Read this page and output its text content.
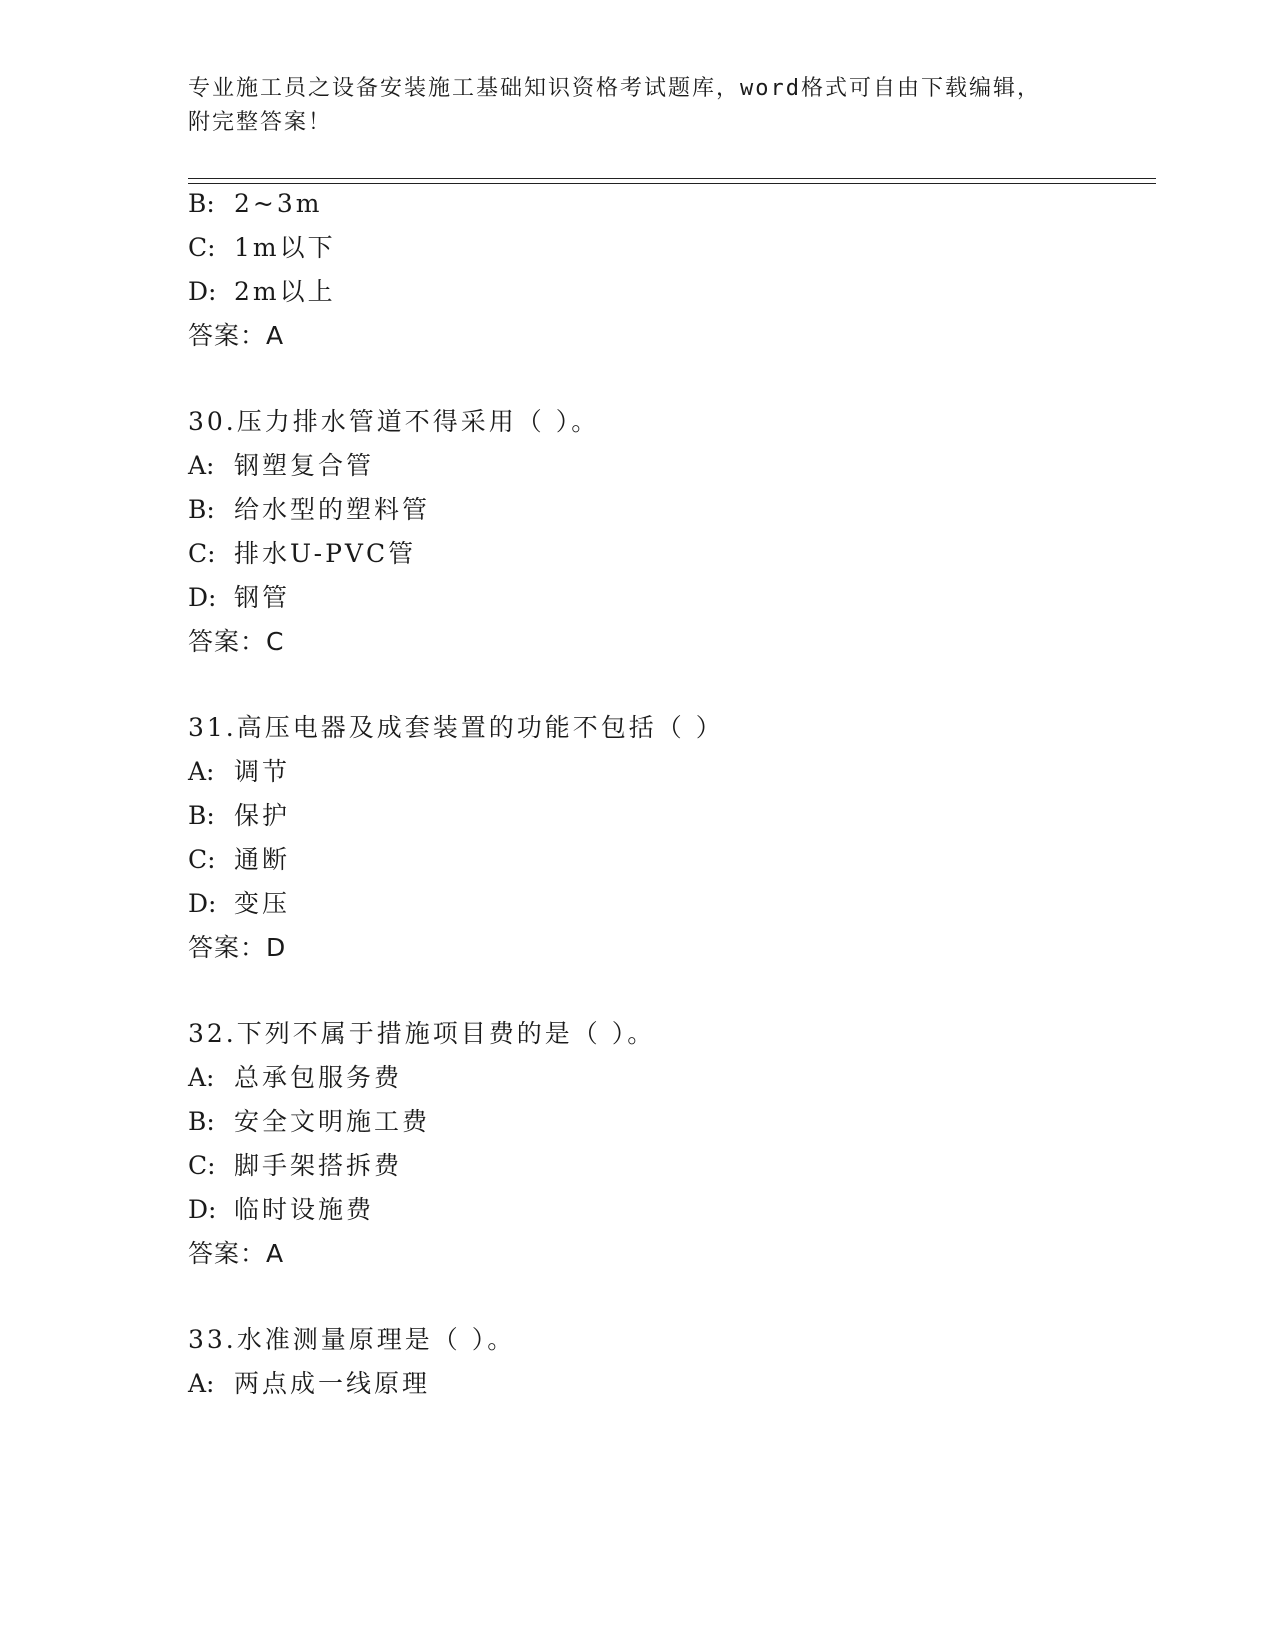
专业施工员之设备安装施工基础知识资格考试题库，word格式可自由下载编辑，
附完整答案！
B: 2~3m
C: 1m以下
D: 2m以上
答案：A
30.压力排水管道不得采用（ ）。
A: 钢塑复合管
B: 给水型的塑料管
C: 排水U-PVC管
D: 钢管
答案：C
31.高压电器及成套装置的功能不包括（ ）
A: 调节
B: 保护
C: 通断
D: 变压
答案：D
32.下列不属于措施项目费的是（ ）。
A: 总承包服务费
B: 安全文明施工费
C: 脚手架搭拆费
D: 临时设施费
答案：A
33.水准测量原理是（ ）。
A: 两点成一线原理
